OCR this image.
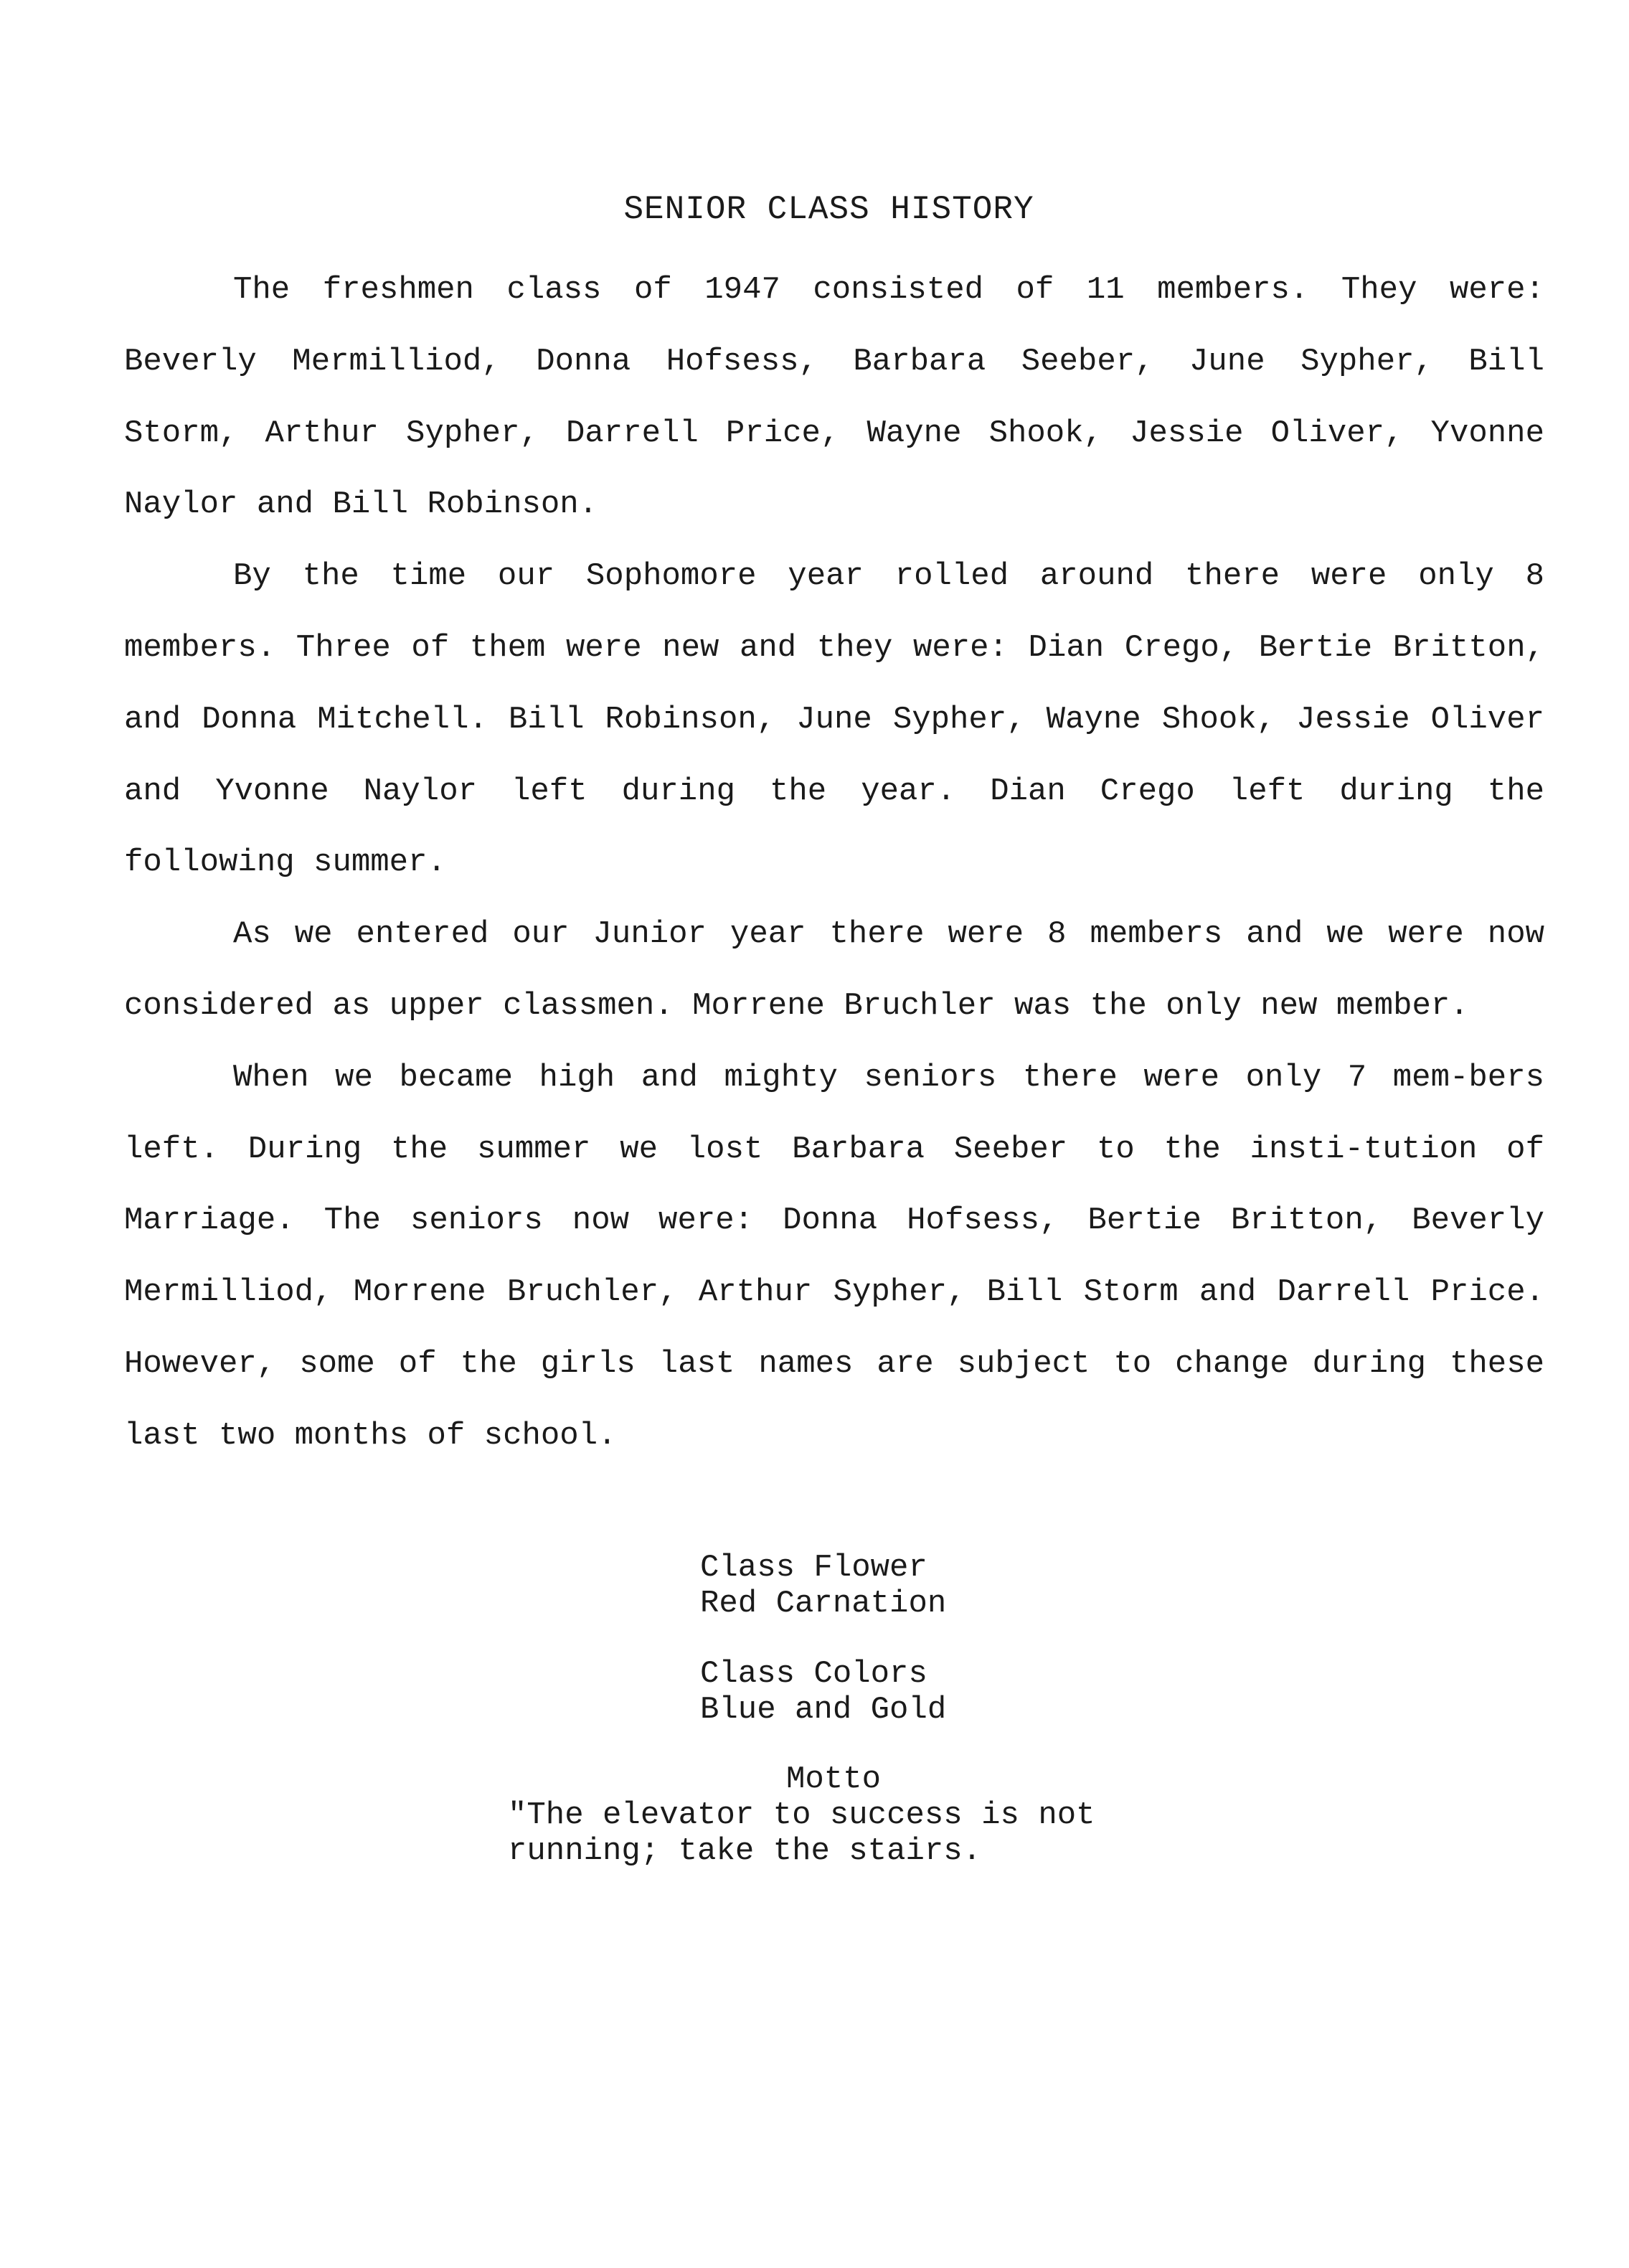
SENIOR CLASS HISTORY

The freshmen class of 1947 consisted of 11 members. They were: Beverly Mermilliod, Donna Hofsess, Barbara Seeber, June Sypher, Bill Storm, Arthur Sypher, Darrell Price, Wayne Shook, Jessie Oliver, Yvonne Naylor and Bill Robinson.

By the time our Sophomore year rolled around there were only 8 members. Three of them were new and they were: Dian Crego, Bertie Britton, and Donna Mitchell. Bill Robinson, June Sypher, Wayne Shook, Jessie Oliver and Yvonne Naylor left during the year. Dian Crego left during the following summer.

As we entered our Junior year there were 8 members and we were now considered as upper classmen. Morrene Bruchler was the only new member.

When we became high and mighty seniors there were only 7 mem-bers left. During the summer we lost Barbara Seeber to the insti-tution of Marriage. The seniors now were: Donna Hofsess, Bertie Britton, Beverly Mermilliod, Morrene Bruchler, Arthur Sypher, Bill Storm and Darrell Price. However, some of the girls last names are subject to change during these last two months of school.

Class Flower
Red Carnation
Class Colors
Blue and Gold
Motto
"The elevator to success is not
running; take the stairs.
